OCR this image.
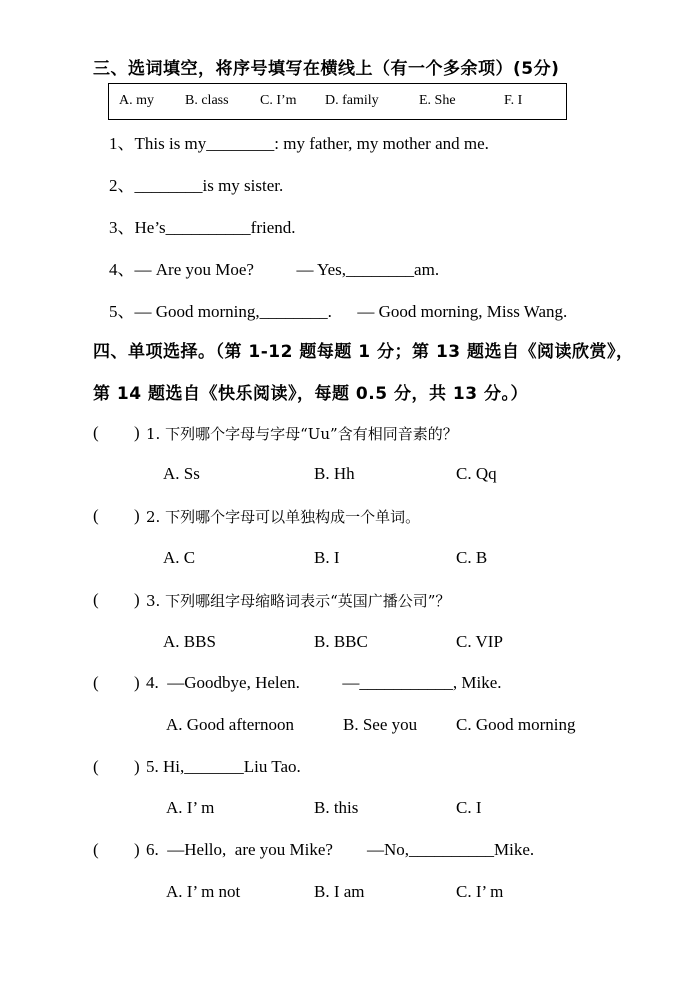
三、选词填空，将序号填写在横线上（有一个多余项）(5分)
A. my B. class C. I’m D. family	E. She	F. I
1、This is my________: my father, my mother and me.
2、________is my sister.
3、He’s__________friend.
4、— Are you Moe?          — Yes,________am.
5、— Good morning,________.      — Good morning, Miss Wang.
四、单项选择。（第 1-12 题每题 1 分；第 13 题选自《阅读欣赏》，
第 14 题选自《快乐阅读》，每题 0.5 分，共 13 分。）
( ) 1. 下列哪个字母与字母“Uu”含有相同音素的？
A. Ss	B. Hh	C. Qq
( ) 2. 下列哪个字母可以单独构成一个单词。
A. C	B. I	C. B
( ) 3. 下列哪组字母缩略词表示“英国广播公司”？
A. BBS	B. BBC	C. VIP
( ) 4.  —Goodbye, Helen.          —___________, Mike.
A. Good afternoon	B. See you C. Good morning
( ) 5. Hi,_______Liu Tao.
A. I’ m	B. this	C. I
( ) 6.  —Hello,  are you Mike?        —No,__________Mike.
A. I’ m not	B. I am	C. I’ m
